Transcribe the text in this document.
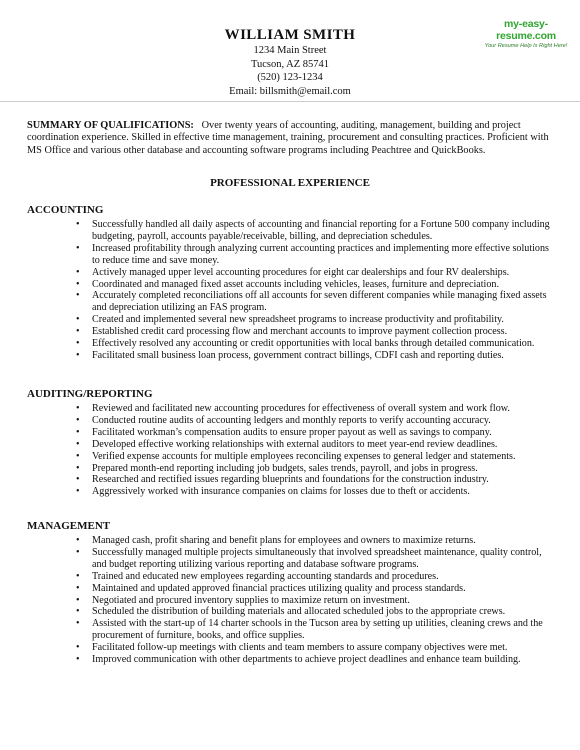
my-easy-resume.com
Your Resume Help Is Right Here!
WILLIAM SMITH
1234 Main Street
Tucson, AZ 85741
(520) 123-1234
Email: billsmith@email.com
SUMMARY OF QUALIFICATIONS: Over twenty years of accounting, auditing, management, building and project coordination experience. Skilled in effective time management, training, procurement and consulting practices. Proficient with MS Office and various other database and accounting software programs including Peachtree and QuickBooks.
PROFESSIONAL EXPERIENCE
ACCOUNTING
• Successfully handled all daily aspects of accounting and financial reporting for a Fortune 500 company including budgeting, payroll, accounts payable/receivable, billing, and depreciation schedules.
• Increased profitability through analyzing current accounting practices and implementing more effective solutions to reduce time and save money.
• Actively managed upper level accounting procedures for eight car dealerships and four RV dealerships.
• Coordinated and managed fixed asset accounts including vehicles, leases, furniture and depreciation.
• Accurately completed reconciliations off all accounts for seven different companies while managing fixed assets and depreciation utilizing an FAS program.
• Created and implemented several new spreadsheet programs to increase productivity and profitability.
• Established credit card processing flow and merchant accounts to improve payment collection process.
• Effectively resolved any accounting or credit opportunities with local banks through detailed communication.
• Facilitated small business loan process, government contract billings, CDFI cash and reporting duties.
AUDITING/REPORTING
• Reviewed and facilitated new accounting procedures for effectiveness of overall system and work flow.
• Conducted routine audits of accounting ledgers and monthly reports to verify accounting accuracy.
• Facilitated workman’s compensation audits to ensure proper payout as well as savings to company.
• Developed effective working relationships with external auditors to meet year-end review deadlines.
• Verified expense accounts for multiple employees reconciling expenses to general ledger and statements.
• Prepared month-end reporting including job budgets, sales trends, payroll, and jobs in progress.
• Researched and rectified issues regarding blueprints and foundations for the construction industry.
• Aggressively worked with insurance companies on claims for losses due to theft or accidents.
MANAGEMENT
• Managed cash, profit sharing and benefit plans for employees and owners to maximize returns.
• Successfully managed multiple projects simultaneously that involved spreadsheet maintenance, quality control, and budget reporting utilizing various reporting and database software programs.
• Trained and educated new employees regarding accounting standards and procedures.
• Maintained and updated approved financial practices utilizing quality and process standards.
• Negotiated and procured inventory supplies to maximize return on investment.
• Scheduled the distribution of building materials and allocated scheduled jobs to the appropriate crews.
• Assisted with the start-up of 14 charter schools in the Tucson area by setting up utilities, cleaning crews and the procurement of furniture, books, and office supplies.
• Facilitated follow-up meetings with clients and team members to assure company objectives were met.
• Improved communication with other departments to achieve project deadlines and enhance team building.
